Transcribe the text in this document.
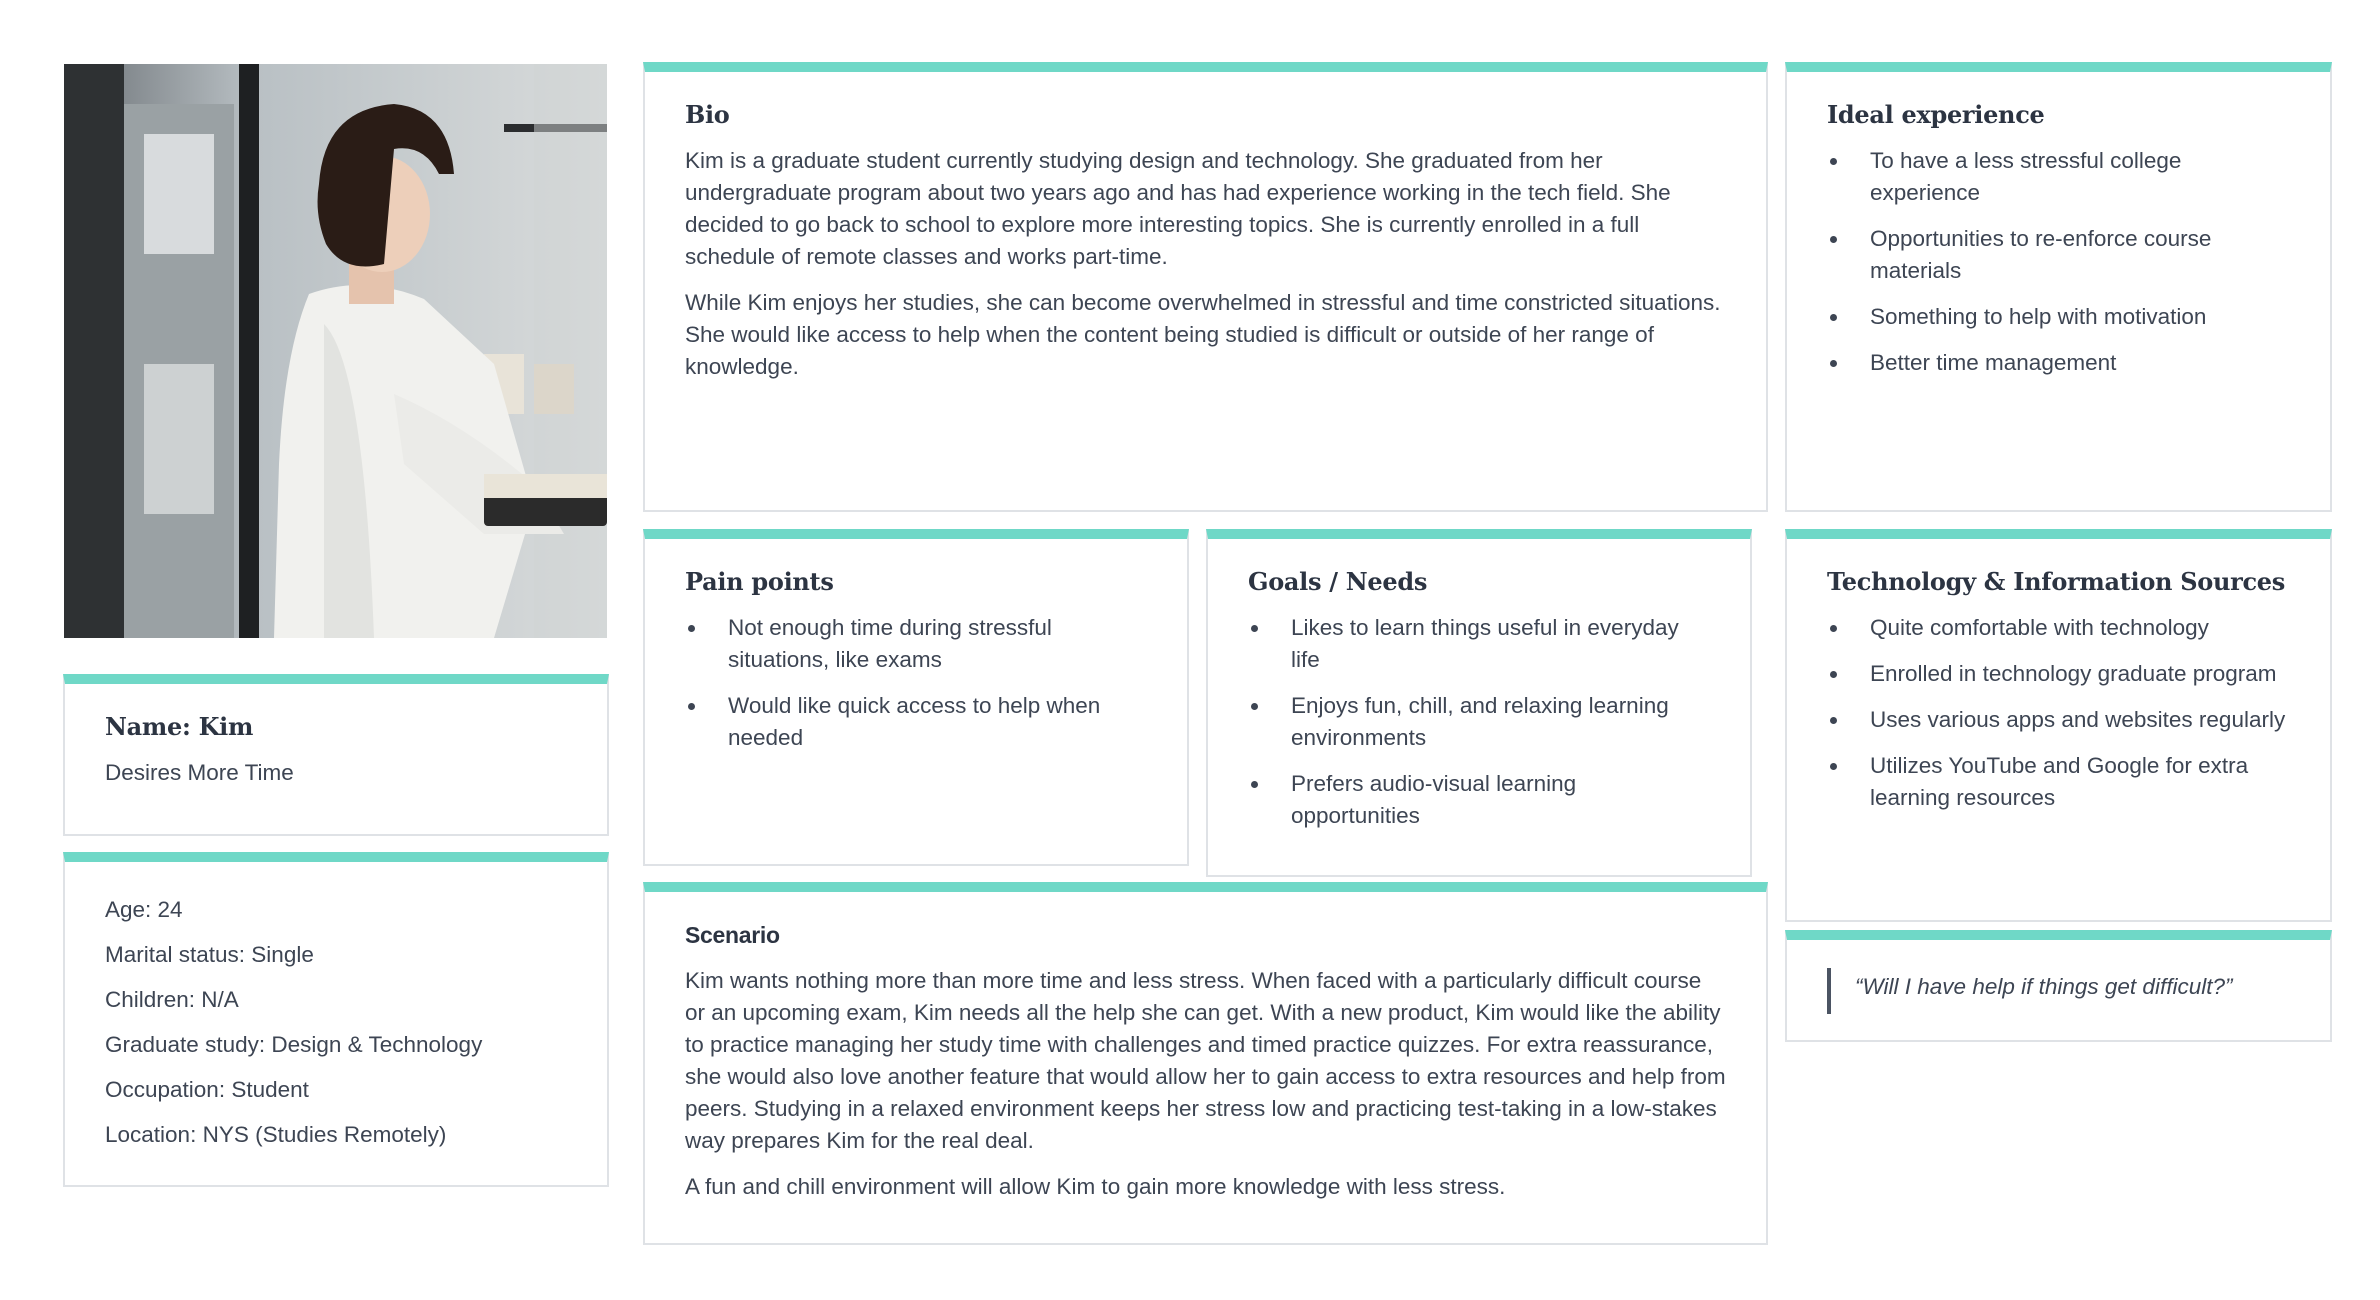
Name: Kim

Desires More Time

Age: 24
Marital status: Single
Children: N/A
Graduate study: Design & Technology
Occupation: Student
Location: NYS (Studies Remotely)
Bio

Kim is a graduate student currently studying design and technology. She graduated from her undergraduate program about two years ago and has had experience working in the tech field. She decided to go back to school to explore more interesting topics. She is currently enrolled in a full schedule of remote classes and works part-time.

While Kim enjoys her studies, she can become overwhelmed in stressful and time constricted situations. She would like access to help when the content being studied is difficult or outside of her range of knowledge.

Ideal experience
To have a less stressful college experience
Opportunities to re-enforce course materials
Something to help with motivation
Better time management
Pain points
Not enough time during stressful situations, like exams
Would like quick access to help when needed
Goals / Needs
Likes to learn things useful in everyday life
Enjoys fun, chill, and relaxing learning environments
Prefers audio-visual learning opportunities
Technology & Information Sources
Quite comfortable with technology
Enrolled in technology graduate program
Uses various apps and websites regularly
Utilizes YouTube and Google for extra learning resources
Scenario

Kim wants nothing more than more time and less stress. When faced with a particularly difficult course or an upcoming exam, Kim needs all the help she can get. With a new product, Kim would like the ability to practice managing her study time with challenges and timed practice quizzes. For extra reassurance, she would also love another feature that would allow her to gain access to extra resources and help from peers. Studying in a relaxed environment keeps her stress low and practicing test-taking in a low-stakes way prepares Kim for the real deal.

A fun and chill environment will allow Kim to gain more knowledge with less stress.

“Will I have help if things get difficult?”
